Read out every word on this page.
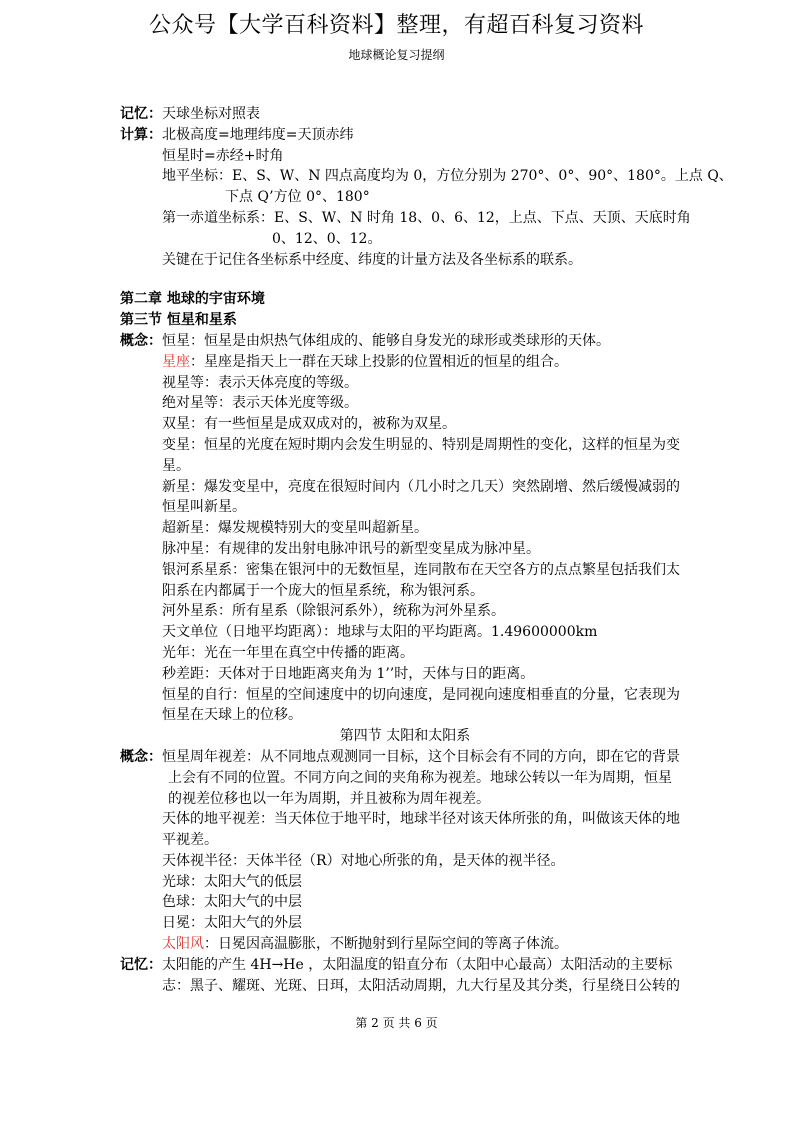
公众号【大学百科资料】整理，有超百科复习资料
地球概论复习提纲
记忆：天球坐标对照表
计算：北极高度=地理纬度=天顶赤纬
恒星时=赤经+时角
地平坐标：E、S、W、N 四点高度均为 0，方位分别为 270°、0°、90°、180°。上点 Q、
下点 Q’方位 0°、180°
第一赤道坐标系：E、S、W、N 时角 18、0、6、12，上点、下点、天顶、天底时角
0、12、0、12。
关键在于记住各坐标系中经度、纬度的计量方法及各坐标系的联系。
第二章 地球的宇宙环境
第三节 恒星和星系
概念：恒星：恒星是由炽热气体组成的、能够自身发光的球形或类球形的天体。
星座：星座是指天上一群在天球上投影的位置相近的恒星的组合。
视星等：表示天体亮度的等级。
绝对星等：表示天体光度等级。
双星：有一些恒星是成双成对的，被称为双星。
变星：恒星的光度在短时期内会发生明显的、特别是周期性的变化，这样的恒星为变
星。
新星：爆发变星中，亮度在很短时间内（几小时之几天）突然剧增、然后缓慢减弱的
恒星叫新星。
超新星：爆发规模特别大的变星叫超新星。
脉冲星：有规律的发出射电脉冲讯号的新型变星成为脉冲星。
银河系星系：密集在银河中的无数恒星，连同散布在天空各方的点点繁星包括我们太
阳系在内都属于一个庞大的恒星系统，称为银河系。
河外星系：所有星系（除银河系外），统称为河外星系。
天文单位（日地平均距离）：地球与太阳的平均距离。1.49600000km
光年：光在一年里在真空中传播的距离。
秒差距：天体对于日地距离夹角为 1’’时，天体与日的距离。
恒星的自行：恒星的空间速度中的切向速度，是同视向速度相垂直的分量，它表现为
恒星在天球上的位移。
第四节 太阳和太阳系
概念：恒星周年视差：从不同地点观测同一目标，这个目标会有不同的方向，即在它的背景
上会有不同的位置。不同方向之间的夹角称为视差。地球公转以一年为周期，恒星
的视差位移也以一年为周期，并且被称为周年视差。
天体的地平视差：当天体位于地平时，地球半径对该天体所张的角，叫做该天体的地
平视差。
天体视半径：天体半径（R）对地心所张的角，是天体的视半径。
光球：太阳大气的低层
色球：太阳大气的中层
日冕：太阳大气的外层
太阳风：日冕因高温膨胀，不断抛射到行星际空间的等离子体流。
记忆：太阳能的产生 4H→He ，太阳温度的铅直分布（太阳中心最高）太阳活动的主要标
志：黑子、耀斑、光斑、日珥，太阳活动周期，九大行星及其分类，行星绕日公转的
第 2 页 共 6 页
